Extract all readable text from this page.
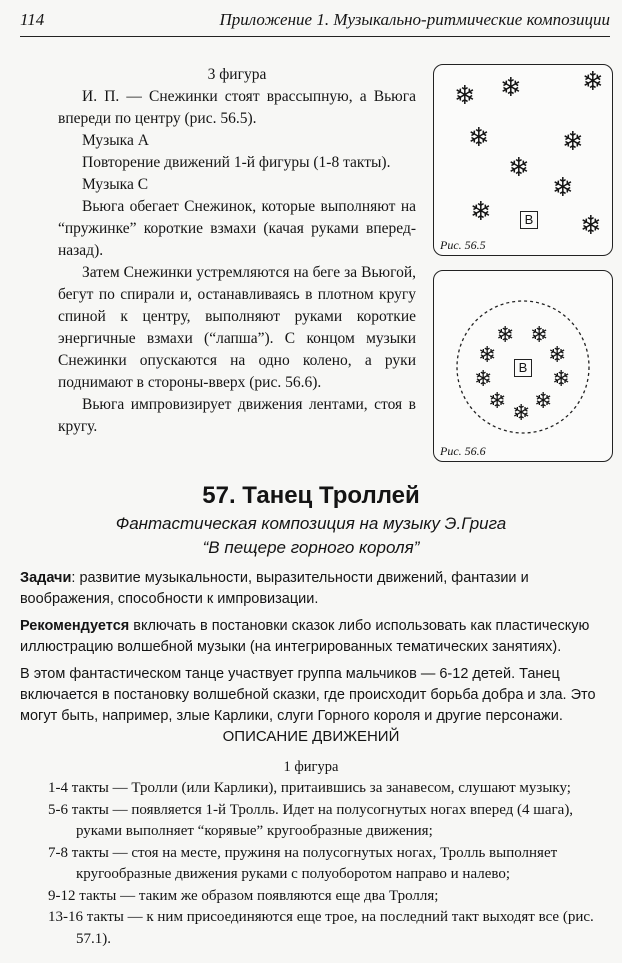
114	Приложение 1. Музыкально-ритмические композиции

3 фигура

И. П. — Снежинки стоят врассыпную, а Вьюга впереди по центру (рис. 56.5).

Музыка А

Повторение движений 1-й фигуры (1-8 такты).

Музыка С

Вьюга обегает Снежинок, которые выполняют на “пружинке” короткие взмахи (качая руками вперед-назад).

Затем Снежинки устремляются на беге за Вьюгой, бегут по спирали и, останавливаясь в плотном кругу спиной к центру, выполняют руками короткие энергичные взмахи (“лапша”). С концом музыки Снежинки опускаются на одно колено, а руки поднимают в стороны-вверх (рис. 56.6).

Вьюга импровизирует движения лентами, стоя в кругу.

❄ ❄ ❄
❄	❄
❄
❄
❄	❄
В
Рис. 56.5
❄ ❄
❄ ❄
❄	❄
❄ ❄
❄
В
Рис. 56.6
57. Танец Троллей
Фантастическая композиция на музыку Э.Грига
“В пещере горного короля”

Задачи: развитие музыкальности, выразительности движений, фантазии и воображения, способности к импровизации.

Рекомендуется включать в постановки сказок либо использовать как пластическую иллюстрацию волшебной музыки (на интегрированных тематических занятиях).

В этом фантастическом танце участвует группа мальчиков — 6-12 детей. Танец включается в постановку волшебной сказки, где происходит борьба добра и зла. Это могут быть, например, злые Карлики, слуги Горного короля и другие персонажи.

ОПИСАНИЕ ДВИЖЕНИЙ
1 фигура

1-4 такты — Тролли (или Карлики), притаившись за занавесом, слушают музыку;

5-6 такты — появляется 1-й Тролль. Идет на полусогнутых ногах вперед (4 шага), руками выполняет “корявые” кругообразные движения;

7-8 такты — стоя на месте, пружиня на полусогнутых ногах, Тролль выполняет кругообразные движения руками с полуоборотом направо и налево;

9-12 такты — таким же образом появляются еще два Тролля;

13-16 такты — к ним присоединяются еще трое, на последний такт выходят все (рис. 57.1).
